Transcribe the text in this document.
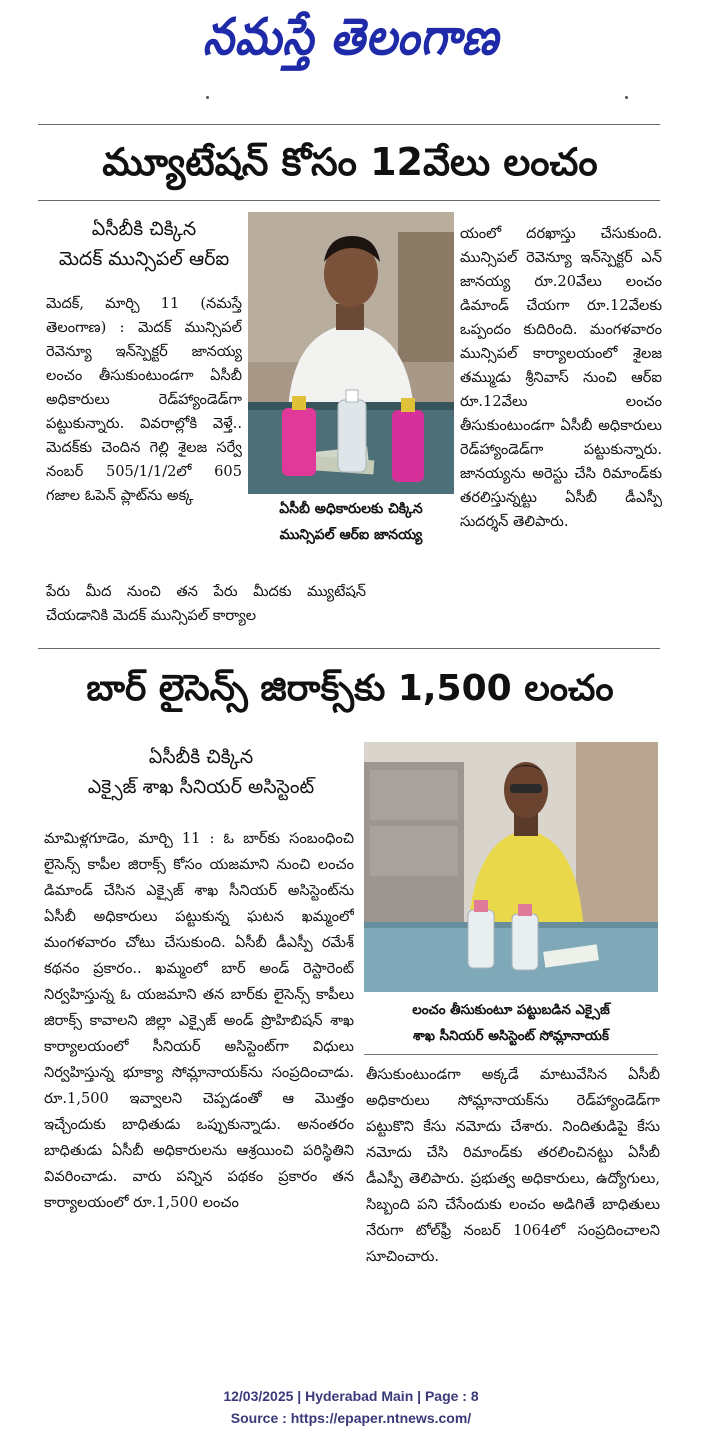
నమస్తే తెలంగాణ
మ్యూటేషన్ కోసం 12వేలు లంచం
ఏసీబీకి చిక్కిన
మెదక్ మున్సిపల్ ఆర్ఐ

మెదక్, మార్చి 11 (నమస్తే తెలంగాణ) : మెదక్ మున్సిపల్ రెవెన్యూ ఇన్‌స్పెక్టర్ జానయ్య లంచం తీసుకుంటుండగా ఏసీబీ అధికారులు రెడ్‌హ్యాండెడ్‌గా పట్టుకున్నారు. వివరాల్లోకి వెళ్తే.. మెదక్‌కు చెందిన గెల్లి శైలజ సర్వే నంబర్ 505/1/1/2లో 605 గజాల ఓపెన్ ప్లాట్‌ను అక్క

పేరు మీద నుంచి తన పేరు మీదకు మ్యుటేషన్ చేయడానికి మెదక్ మున్సిపల్ కార్యాల

ఏసీబీ అధికారులకు చిక్కిన
మున్సిపల్ ఆర్ఐ జానయ్య

యంలో దరఖాస్తు చేసుకుంది. మున్సిపల్ రెవెన్యూ ఇన్‌స్పెక్టర్ ఎన్ జానయ్య రూ.20వేలు లంచం డిమాండ్ చేయగా రూ.12వేలకు ఒప్పందం కుదిరింది. మంగళవారం మున్సిపల్ కార్యాలయంలో శైలజ తమ్ముడు శ్రీనివాస్ నుంచి ఆర్ఐ రూ.12వేలు లంచం తీసుకుంటుండగా ఏసీబీ అధికారులు రెడ్‌హ్యాండెడ్‌గా పట్టుకున్నారు. జానయ్యను అరెస్టు చేసి రిమాండ్‌కు తరలిస్తున్నట్టు ఏసీబీ డీఎస్పీ సుదర్శన్ తెలిపారు.

బార్ లైసెన్స్ జిరాక్స్‌కు 1,500 లంచం
ఏసీబీకి చిక్కిన
ఎక్సైజ్ శాఖ సీనియర్ అసిస్టెంట్

మామిళ్లగూడెం, మార్చి 11 : ఓ బార్‌కు సంబంధించి లైసెన్స్ కాపీల జిరాక్స్ కోసం యజమాని నుంచి లంచం డిమాండ్ చేసిన ఎక్సైజ్ శాఖ సీనియర్ అసిస్టెంట్‌ను ఏసీబీ అధికారులు పట్టుకున్న ఘటన ఖమ్మంలో మంగళవారం చోటు చేసుకుంది. ఏసీబీ డీఎస్పీ రమేశ్ కథనం ప్రకారం.. ఖమ్మంలో బార్ అండ్ రెస్టారెంట్ నిర్వహిస్తున్న ఓ యజమాని తన బార్‌కు లైసెన్స్ కాపీలు జిరాక్స్ కావాలని జిల్లా ఎక్సైజ్ అండ్ ప్రొహిబిషన్ శాఖ కార్యాలయంలో సీనియర్ అసిస్టెంట్‌గా విధులు నిర్వహిస్తున్న భూక్యా సోమ్లానాయక్‌ను సంప్రదించాడు. రూ.1,500 ఇవ్వాలని చెప్పడంతో ఆ మొత్తం ఇచ్చేందుకు బాధితుడు ఒప్పుకున్నాడు. అనంతరం బాధితుడు ఏసీబీ అధికారులను ఆశ్రయించి పరిస్థితిని వివరించాడు. వారు పన్నిన పథకం ప్రకారం తన కార్యాలయంలో రూ.1,500 లంచం

లంచం తీసుకుంటూ పట్టుబడిన ఎక్సైజ్
శాఖ సీనియర్ అసిస్టెంట్ సోమ్లానాయక్

తీసుకుంటుండగా అక్కడే మాటువేసిన ఏసీబీ అధికారులు సోమ్లానాయక్‌ను రెడ్‌హ్యాండెడ్‌గా పట్టుకొని కేసు నమోదు చేశారు. నిందితుడిపై కేసు నమోదు చేసి రిమాండ్‌కు తరలించినట్టు ఏసీబీ డీఎస్పీ తెలిపారు. ప్రభుత్వ అధికారులు, ఉద్యోగులు, సిబ్బంది పని చేసేందుకు లంచం అడిగితే బాధితులు నేరుగా టోల్‌ఫ్రీ నంబర్ 1064లో సంప్రదించాలని సూచించారు.

12/03/2025 | Hyderabad Main | Page : 8
Source : https://epaper.ntnews.com/
